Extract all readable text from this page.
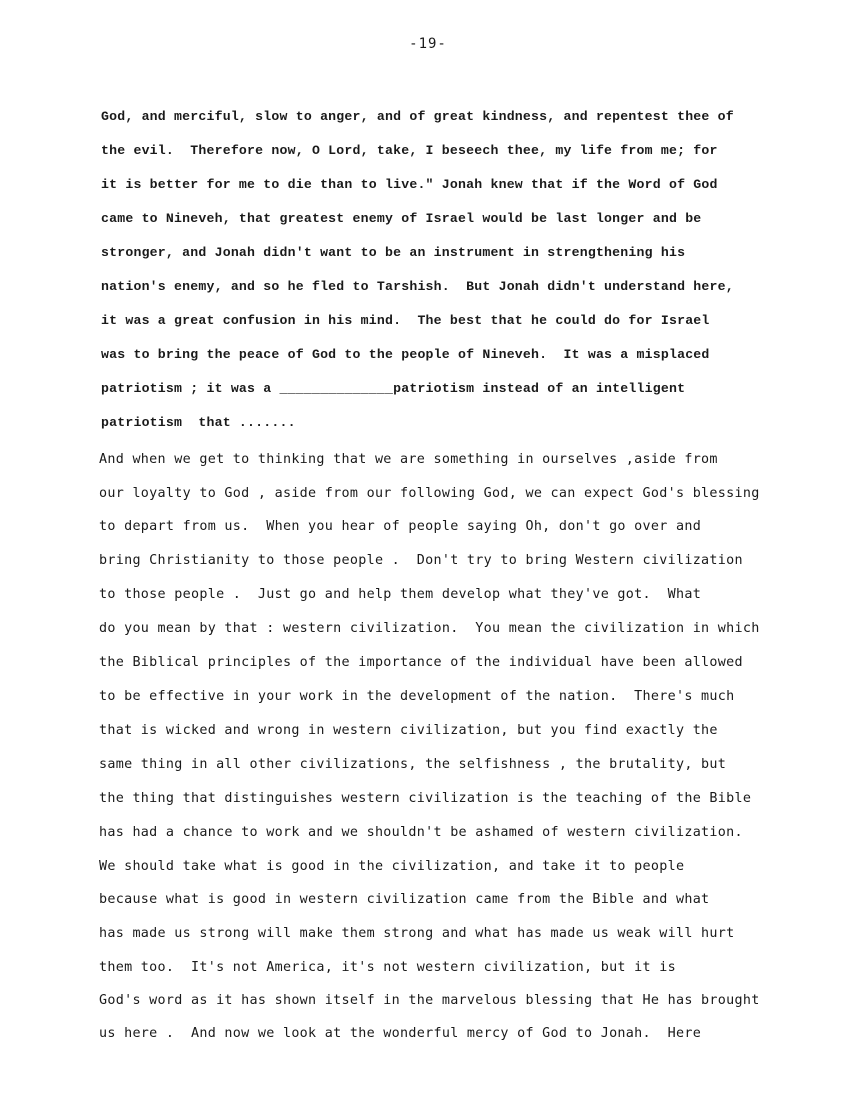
-19-
God, and merciful, slow to anger, and of great kindness, and repentest thee of
the evil.  Therefore now, O Lord, take, I beseech thee, my life from me; for
it is better for me to die than to live." Jonah knew that if the Word of God
came to Nineveh, that greatest enemy of Israel would be last longer and be
stronger, and Jonah didn't want to be an instrument in strengthening his
nation's enemy, and so he fled to Tarshish.  But Jonah didn't understand here,
it was a great confusion in his mind.  The best that he could do for Israel
was to bring the peace of God to the people of Nineveh.  It was a misplaced
patriotism ; it was a ______________patriotism instead of an intelligent
patriotism  that .......
And when we get to thinking that we are something in ourselves ,aside from
our loyalty to God , aside from our following God, we can expect God's blessing
to depart from us.  When you hear of people saying Oh, don't go over and
bring Christianity to those people .  Don't try to bring Western civilization
to those people .  Just go and help them develop what they've got.  What
do you mean by that : western civilization.  You mean the civilization in which
the Biblical principles of the importance of the individual have been allowed
to be effective in your work in the development of the nation.  There's much
that is wicked and wrong in western civilization, but you find exactly the
same thing in all other civilizations, the selfishness , the brutality, but
the thing that distinguishes western civilization is the teaching of the Bible
has had a chance to work and we shouldn't be ashamed of western civilization.
We should take what is good in the civilization, and take it to people
because what is good in western civilization came from the Bible and what
has made us strong will make them strong and what has made us weak will hurt
them too.  It's not America, it's not western civilization, but it is
God's word as it has shown itself in the marvelous blessing that He has brought
us here .  And now we look at the wonderful mercy of God to Jonah.  Here
